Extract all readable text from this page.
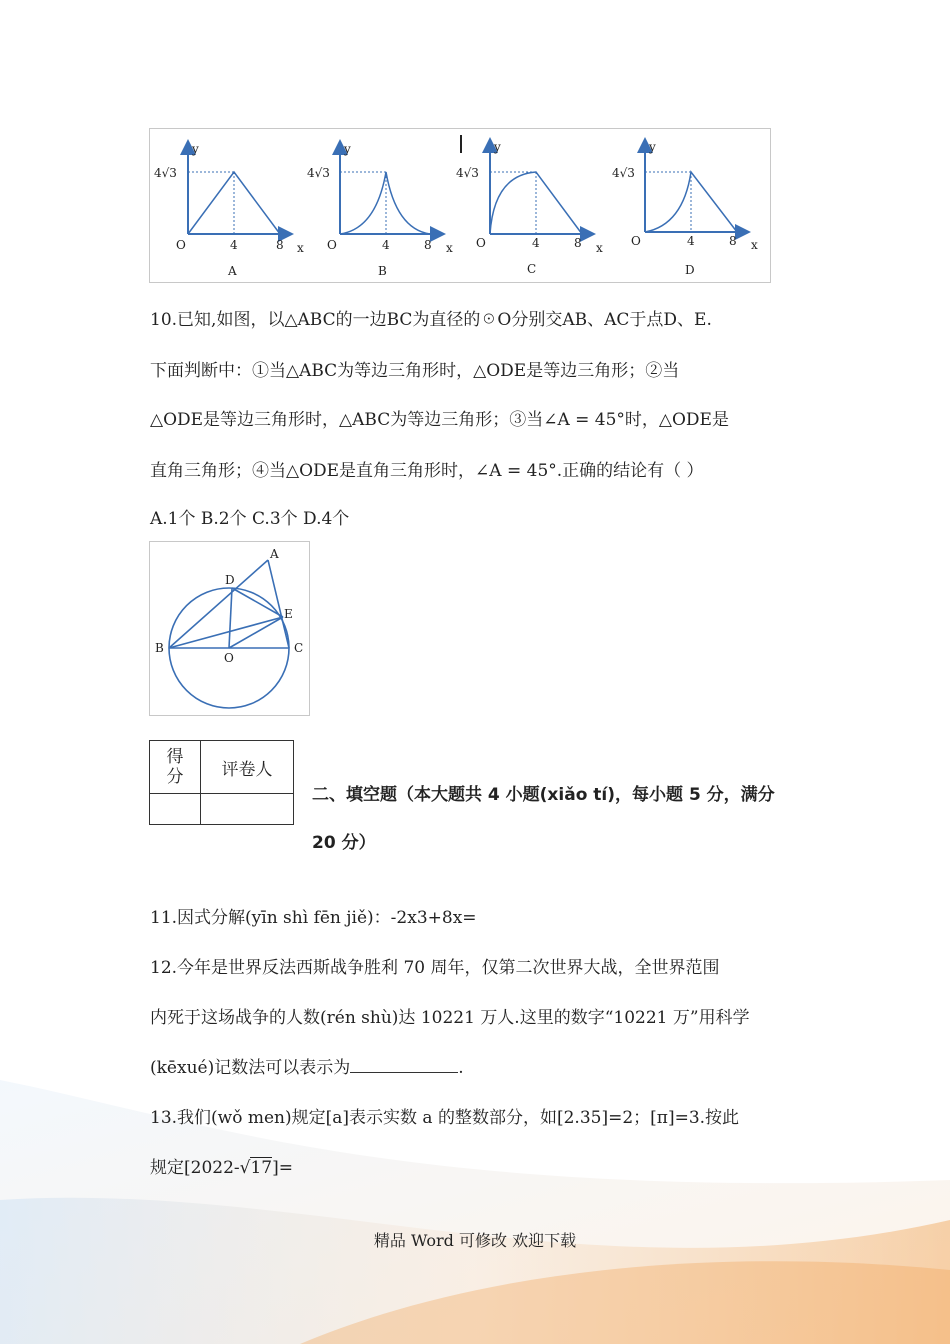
4√3
y
x
O	4	8
A
4√3
y
x
O	4	8
B
4√3
y
x
O	4	8
C
4√3
y
x
O	4	8
D
10.已知,如图，以△ABC的一边BC为直径的☉O分别交AB、AC于点D、E.
下面判断中：①当△ABC为等边三角形时，△ODE是等边三角形；②当
△ODE是等边三角形时，△ABC为等边三角形；③当∠A = 45°时，△ODE是
直角三角形；④当△ODE是直角三角形时，∠A = 45°.正确的结论有（ ）
A.1个 B.2个 C.3个 D.4个
A
D
E
B	C
O
得分	评卷人

二、填空题（本大题共 4 小题(xiǎo tí)，每小题 5 分，满分
20 分）
11.因式分解(yīn shì fēn jiě)：-2x3+8x=
12.今年是世界反法西斯战争胜利 70 周年，仅第二次世界大战，全世界范围
内死于这场战争的人数(rén shù)达 10221 万人.这里的数字“10221 万”用科学
(kēxué)记数法可以表示为	.
13.我们(wǒ men)规定[a]表示实数 a 的整数部分，如[2.35]=2；[π]=3.按此
规定[2022-√17]=
精品 Word 可修改 欢迎下载
